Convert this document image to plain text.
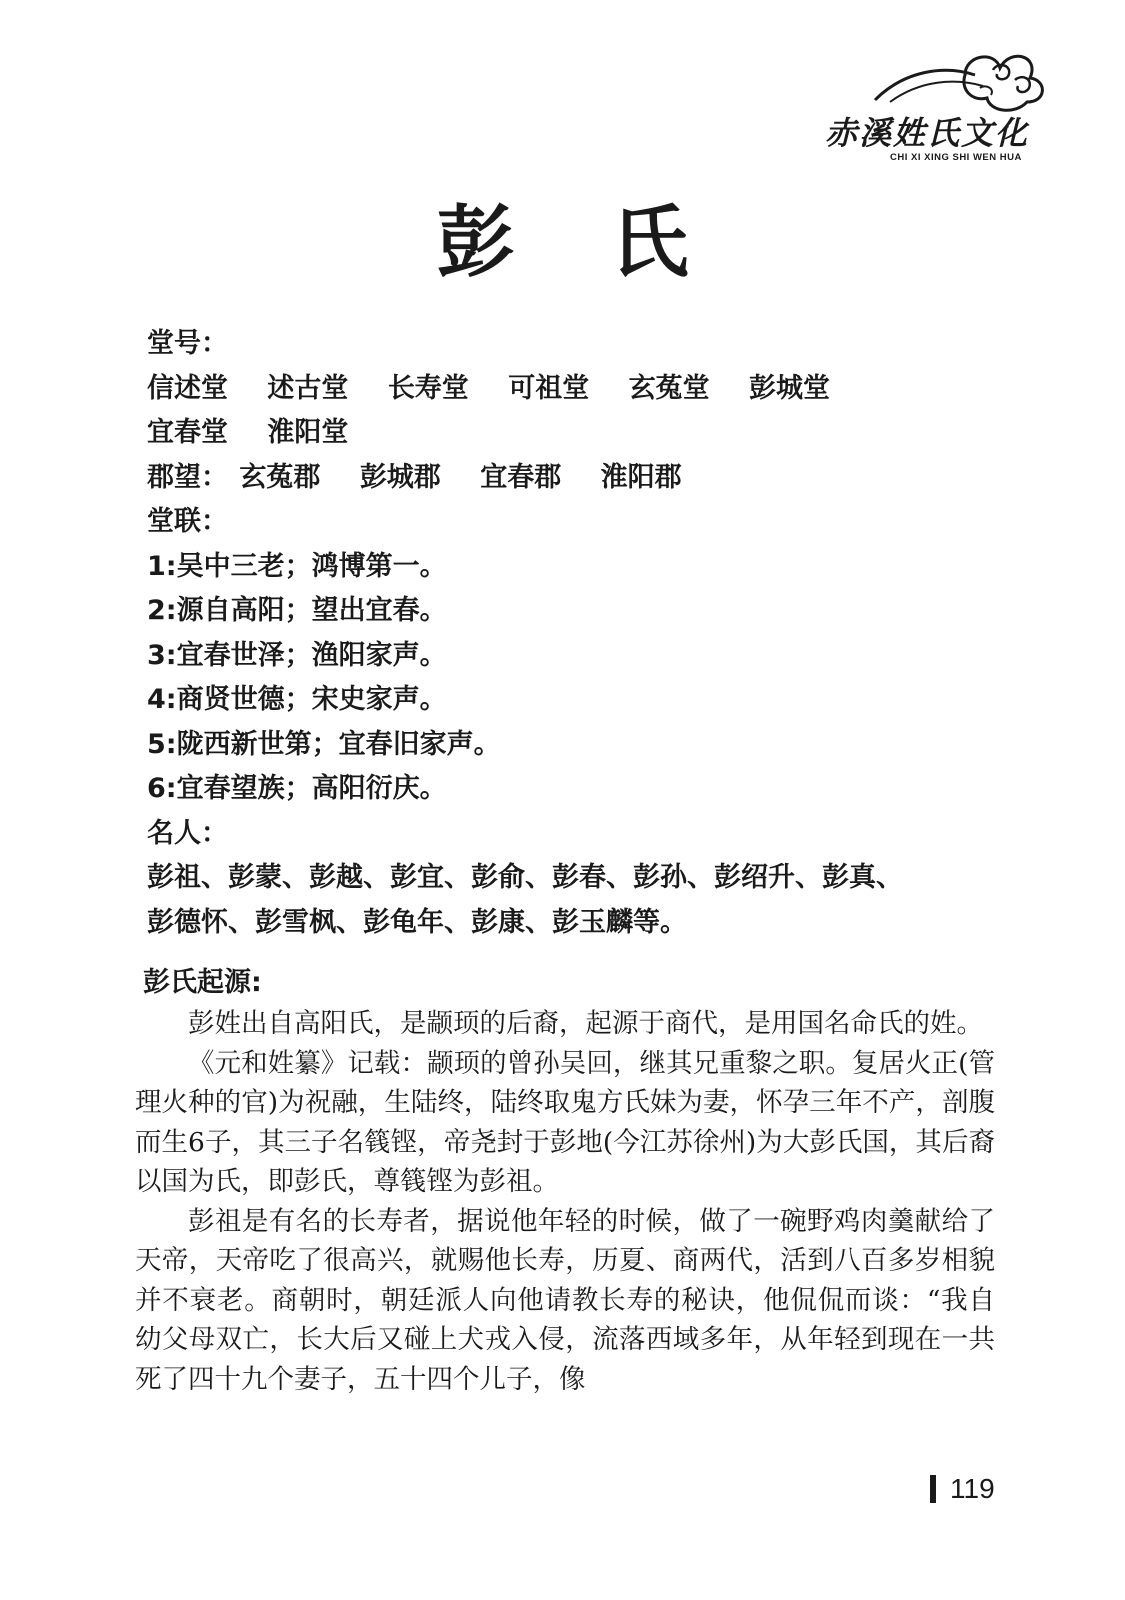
赤溪姓氏文化
CHI XI XING SHI WEN HUA
彭 氏
堂号：
信述堂 述古堂 长寿堂 可祖堂 玄菟堂 彭城堂
宜春堂 淮阳堂
郡望： 玄菟郡 彭城郡 宜春郡 淮阳郡
堂联：
1:吴中三老；鸿博第一。
2:源自高阳；望出宜春。
3:宜春世泽；渔阳家声。
4:商贤世德；宋史家声。
5:陇西新世第；宜春旧家声。
6:宜春望族；高阳衍庆。
名人：
彭祖、彭蒙、彭越、彭宜、彭俞、彭春、彭孙、彭绍升、彭真、
彭德怀、彭雪枫、彭龟年、彭康、彭玉麟等。
彭氏起源:

彭姓出自高阳氏，是颛顼的后裔，起源于商代，是用国名命氏的姓。

《元和姓纂》记载：颛顼的曾孙吴回，继其兄重黎之职。复居火正(管理火种的官)为祝融，生陆终，陆终取鬼方氏妹为妻，怀孕三年不产，剖腹而生6子，其三子名篯铿，帝尧封于彭地(今江苏徐州)为大彭氏国，其后裔以国为氏，即彭氏，尊篯铿为彭祖。

彭祖是有名的长寿者，据说他年轻的时候，做了一碗野鸡肉羹献给了天帝，天帝吃了很高兴，就赐他长寿，历夏、商两代，活到八百多岁相貌并不衰老。商朝时，朝廷派人向他请教长寿的秘诀，他侃侃而谈：“我自幼父母双亡，长大后又碰上犬戎入侵，流落西域多年，从年轻到现在一共死了四十九个妻子，五十四个儿子，像

119
